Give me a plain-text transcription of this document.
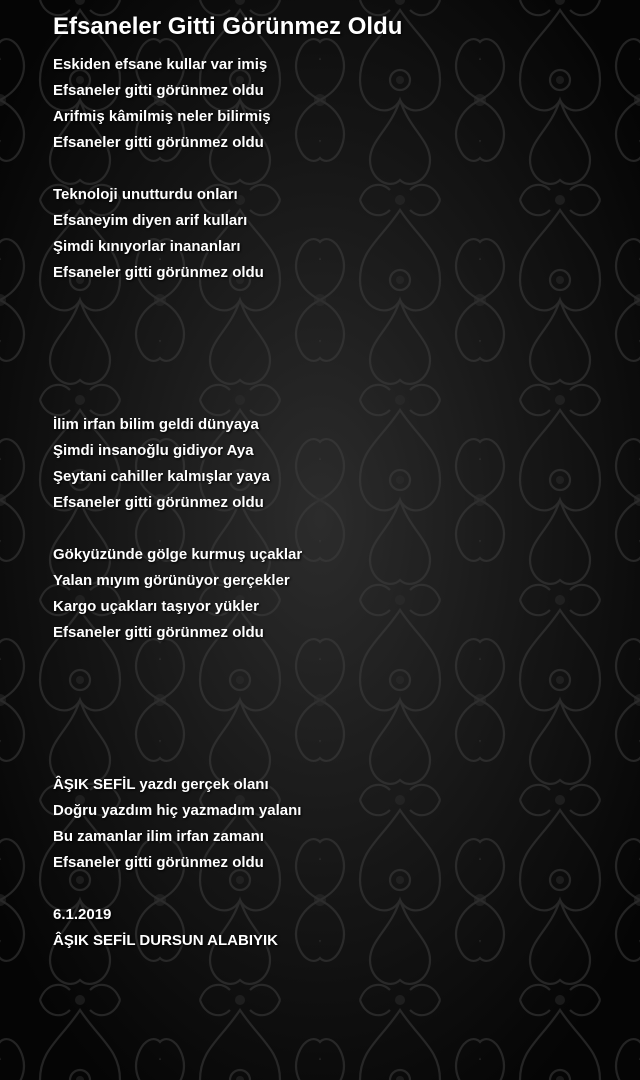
Efsaneler Gitti Görünmez Oldu
Eskiden efsane kullar var imiş
Efsaneler gitti görünmez oldu
Arifmiş kâmilmiş neler bilirmiş
Efsaneler gitti görünmez oldu
Teknoloji unutturdu onları
Efsaneyim diyen arif kulları
Şimdi kınıyorlar inananları
Efsaneler gitti görünmez oldu
İlim irfan bilim geldi dünyaya
Şimdi insanoğlu gidiyor Aya
Şeytani cahiller kalmışlar yaya
Efsaneler gitti görünmez oldu
Gökyüzünde gölge kurmuş uçaklar
Yalan mıyım görünüyor gerçekler
Kargo uçakları taşıyor yükler
Efsaneler gitti görünmez oldu
ÂŞIK SEFİL yazdı gerçek olanı
Doğru yazdım hiç yazmadım yalanı
Bu zamanlar ilim irfan zamanı
Efsaneler gitti görünmez oldu
6.1.2019
ÂŞIK SEFİL DURSUN ALABIYIK
